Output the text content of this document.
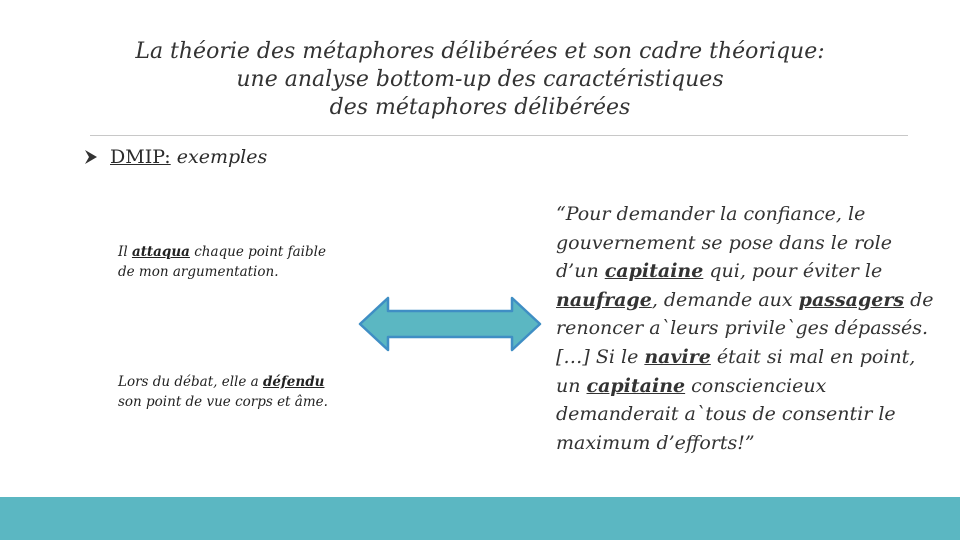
La théorie des métaphores délibérées et son cadre théorique:
une analyse bottom-up des caractéristiques
des métaphores délibérées
DMIP: exemples
Il attaqua chaque point faible
de mon argumentation.
Lors du débat, elle a défendu
son point de vue corps et âme.
“Pour demander la confiance, le
gouvernement se pose dans le role
d’un capitaine qui, pour éviter le
naufrage, demande aux passagers de
renoncer a`leurs privile`ges dépassés.
[…] Si le navire était si mal en point,
un capitaine consciencieux
demanderait a`tous de consentir le
maximum d’efforts!”
